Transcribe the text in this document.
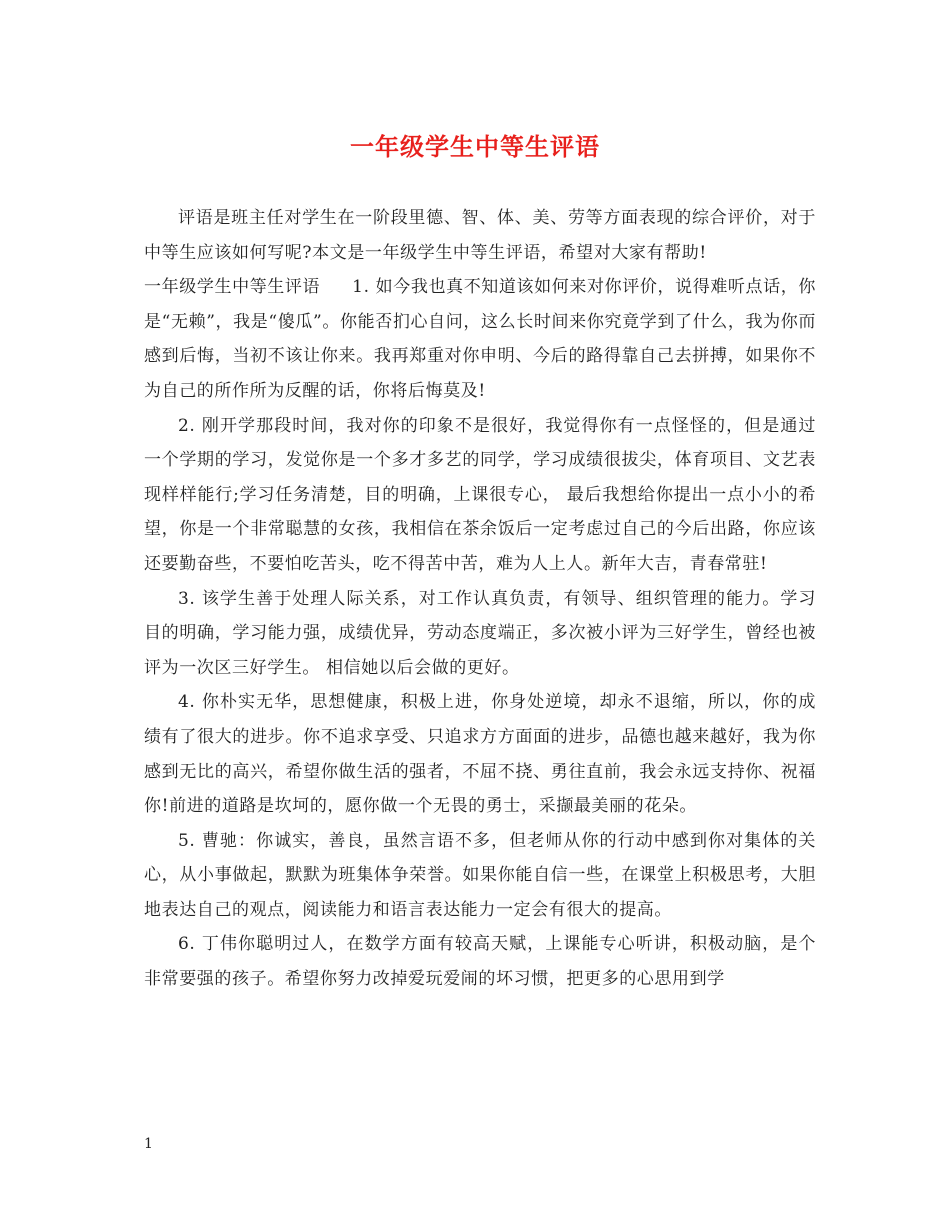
一年级学生中等生评语

评语是班主任对学生在一阶段里德、智、体、美、劳等方面表现的综合评价，对于中等生应该如何写呢?本文是一年级学生中等生评语，希望对大家有帮助!

一年级学生中等生评语 1. 如今我也真不知道该如何来对你评价，说得难听点话，你是“无赖”，我是“傻瓜”。你能否扪心自问，这么长时间来你究竟学到了什么，我为你而感到后悔，当初不该让你来。我再郑重对你申明、今后的路得靠自己去拼搏，如果你不为自己的所作所为反醒的话，你将后悔莫及!

2. 刚开学那段时间，我对你的印象不是很好，我觉得你有一点怪怪的，但是通过一个学期的学习，发觉你是一个多才多艺的同学，学习成绩很拔尖，体育项目、文艺表现样样能行;学习任务清楚，目的明确，上课很专心， 最后我想给你提出一点小小的希望，你是一个非常聪慧的女孩，我相信在茶余饭后一定考虑过自己的今后出路，你应该还要勤奋些，不要怕吃苦头，吃不得苦中苦，难为人上人。新年大吉，青春常驻!

3. 该学生善于处理人际关系，对工作认真负责，有领导、组织管理的能力。学习目的明确，学习能力强，成绩优异，劳动态度端正，多次被小评为三好学生，曾经也被评为一次区三好学生。 相信她以后会做的更好。

4. 你朴实无华，思想健康，积极上进，你身处逆境，却永不退缩，所以，你的成绩有了很大的进步。你不追求享受、只追求方方面面的进步，品德也越来越好，我为你感到无比的高兴，希望你做生活的强者，不屈不挠、勇往直前，我会永远支持你、祝福你!前进的道路是坎坷的，愿你做一个无畏的勇士，采撷最美丽的花朵。

5. 曹驰：你诚实，善良，虽然言语不多，但老师从你的行动中感到你对集体的关心，从小事做起，默默为班集体争荣誉。如果你能自信一些，在课堂上积极思考，大胆地表达自己的观点，阅读能力和语言表达能力一定会有很大的提高。

6. 丁伟你聪明过人，在数学方面有较高天赋，上课能专心听讲，积极动脑，是个非常要强的孩子。希望你努力改掉爱玩爱闹的坏习惯，把更多的心思用到学

1
